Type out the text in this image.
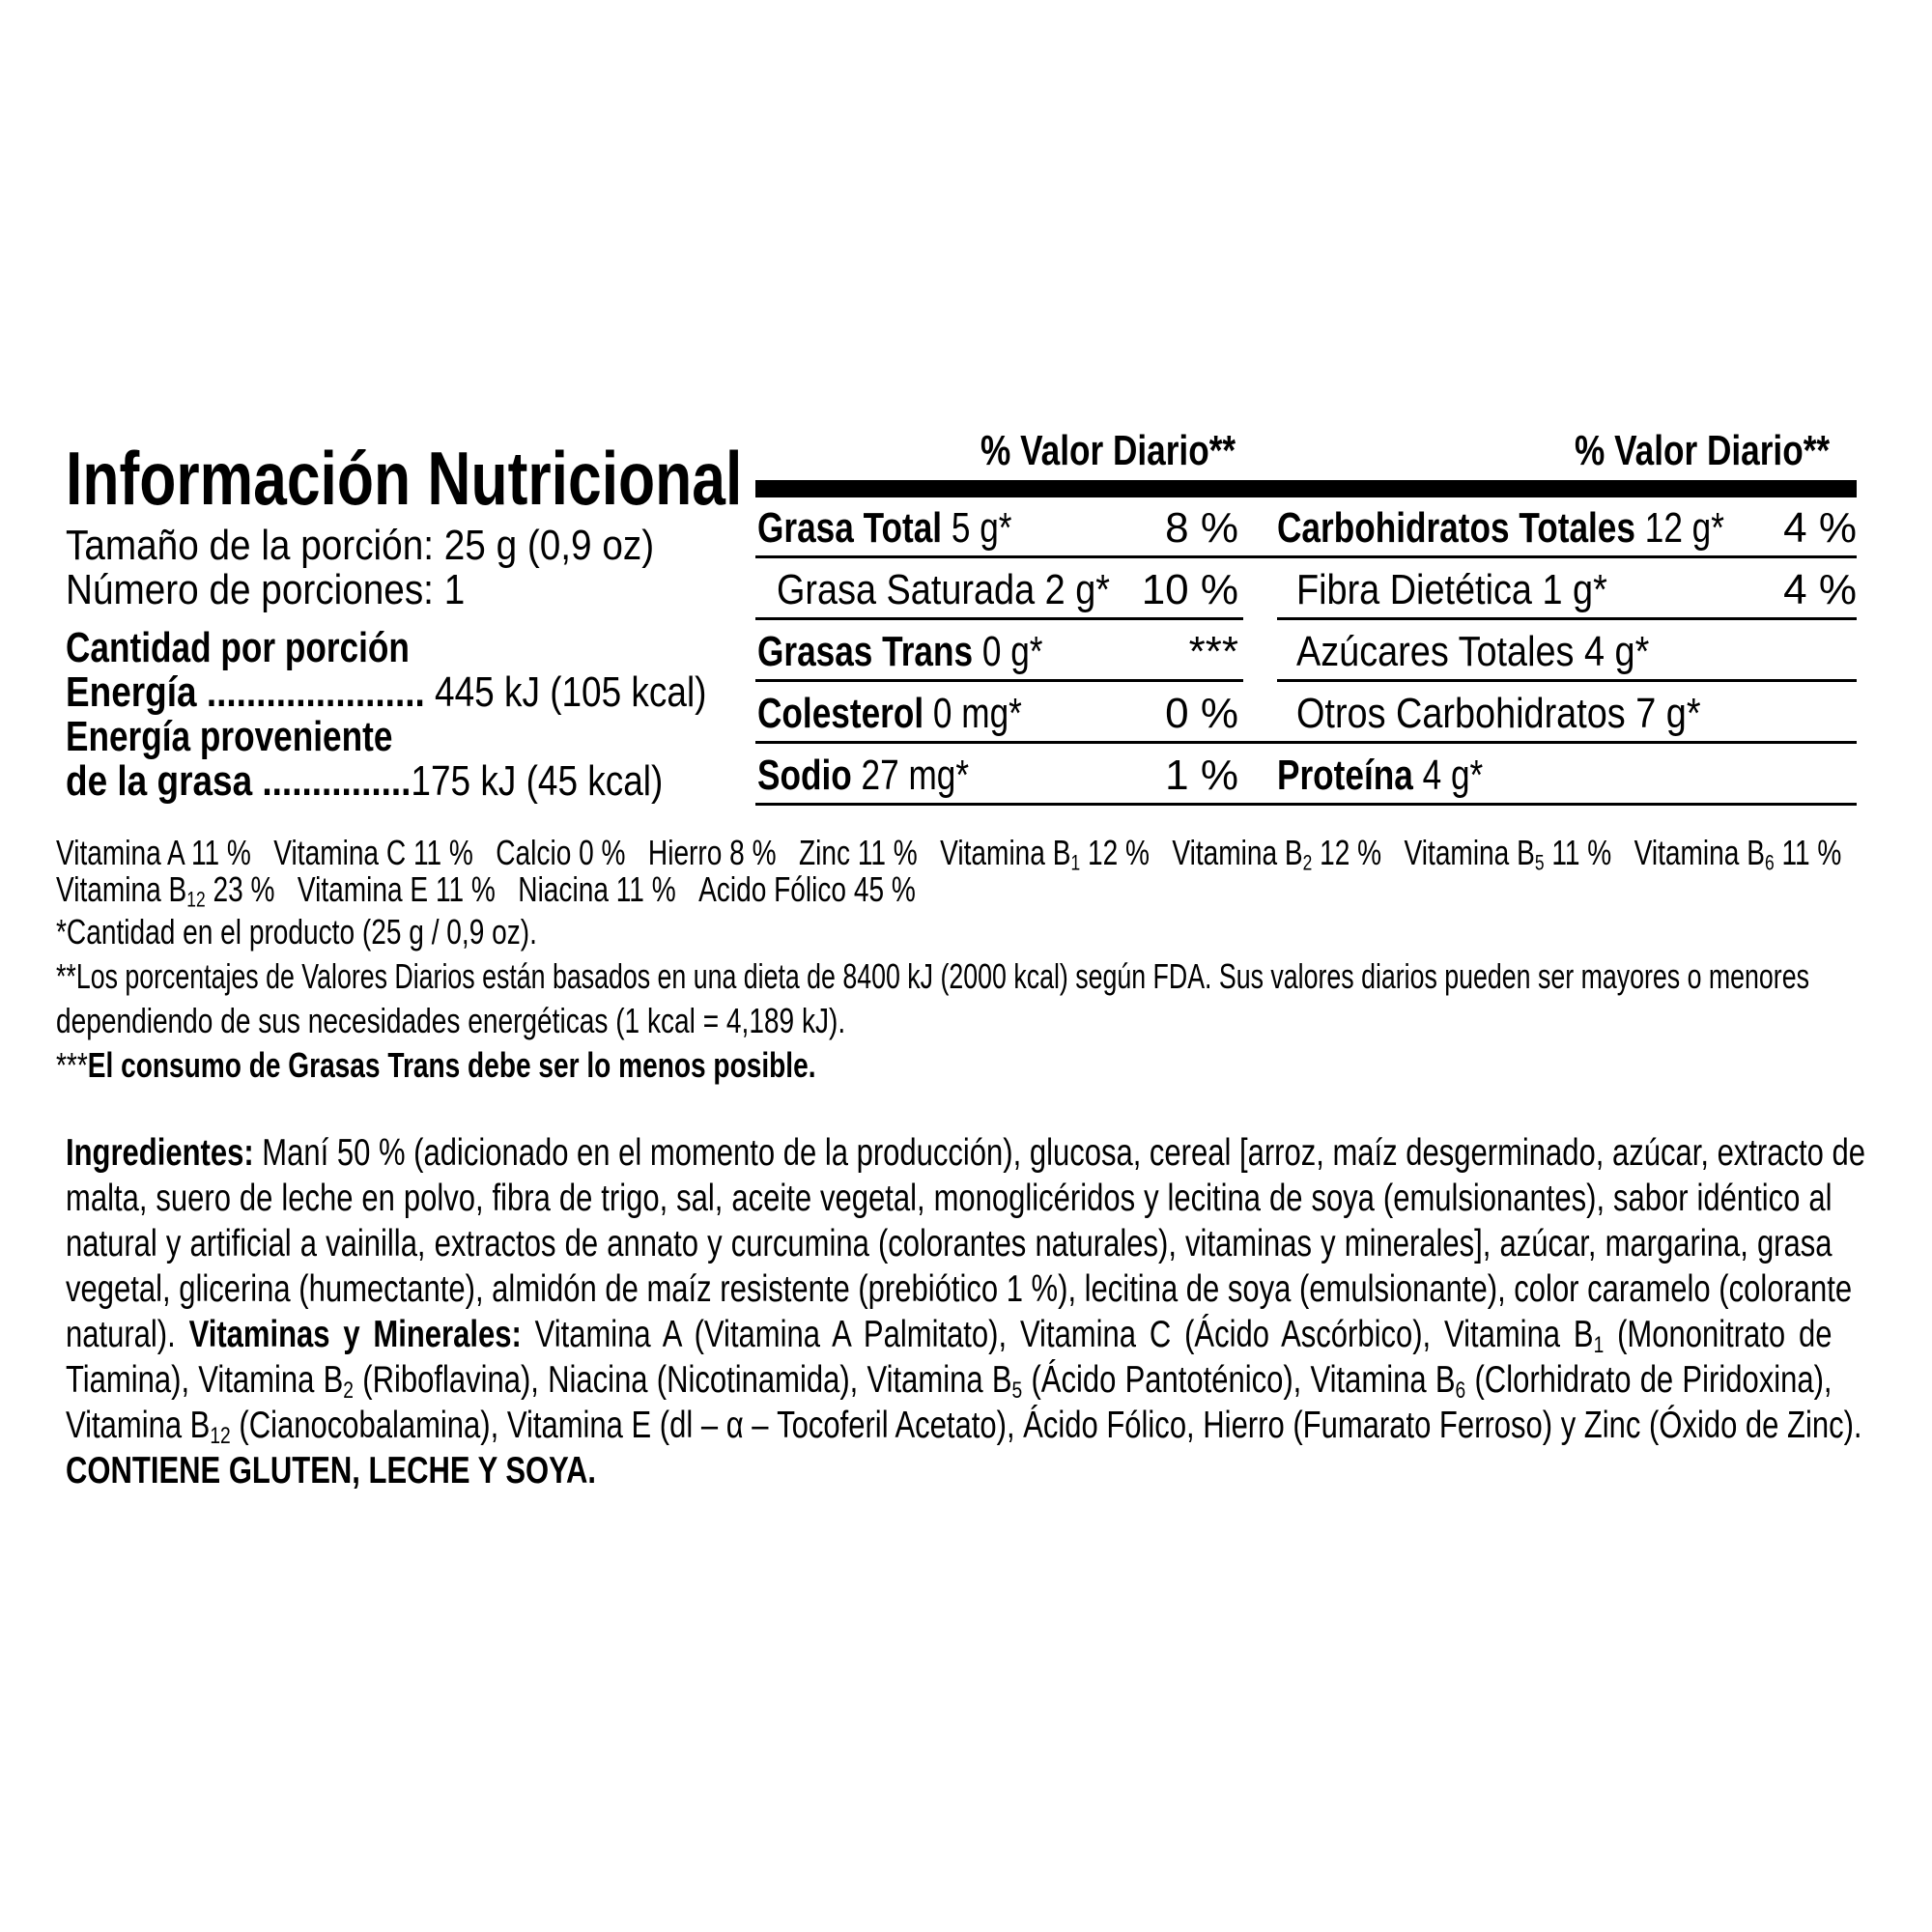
Información Nutricional
Tamaño de la porción: 25 g (0,9 oz)
Número de porciones: 1
Cantidad por porción
Energía ...................... 445 kJ (105 kcal)
Energía proveniente
de la grasa ...............175 kJ (45 kcal)
% Valor Diario**	% Valor Diario**
Grasa Total 5 g*	8 %
Grasa Saturada 2 g* 10 %
Grasas Trans 0 g*	***
Colesterol 0 mg*	0 %
Sodio 27 mg*	1 %
Carbohidratos Totales 12 g* 4 %
Fibra Dietética 1 g*	4 %
Azúcares Totales 4 g*
Otros Carbohidratos 7 g*
Proteína 4 g*
Vitamina A 11 % Vitamina C 11 % Calcio 0 % Hierro 8 % Zinc 11 % Vitamina $B_1$ 12 % Vitamina $B_2$ 12 % Vitamina $B_5$ 11 % Vitamina $B_6$ 11 %
Vitamina $B_{12}$ 23 % Vitamina E 11 % Niacina 11 % Acido Fólico 45 %
*Cantidad en el producto (25 g / 0,9 oz).
**Los porcentajes de Valores Diarios están basados en una dieta de 8400 kJ (2000 kcal) según FDA. Sus valores diarios pueden ser mayores o menores
dependiendo de sus necesidades energéticas (1 kcal = 4,189 kJ).
***El consumo de Grasas Trans debe ser lo menos posible.
Ingredientes: Maní 50 % (adicionado en el momento de la producción), glucosa, cereal [arroz, maíz desgerminado, azúcar, extracto de
malta, suero de leche en polvo, fibra de trigo, sal, aceite vegetal, monoglicéridos y lecitina de soya (emulsionantes), sabor idéntico al
natural y artificial a vainilla, extractos de annato y curcumina (colorantes naturales), vitaminas y minerales], azúcar, margarina, grasa
vegetal, glicerina (humectante), almidón de maíz resistente (prebiótico 1 %), lecitina de soya (emulsionante), color caramelo (colorante
natural). Vitaminas y Minerales: Vitamina A (Vitamina A Palmitato), Vitamina C (Ácido Ascórbico), Vitamina $B_1$ (Mononitrato de
Tiamina), Vitamina $B_2$ (Riboflavina), Niacina (Nicotinamida), Vitamina $B_5$ (Ácido Pantoténico), Vitamina $B_6$ (Clorhidrato de Piridoxina),
Vitamina $B_{12}$ (Cianocobalamina), Vitamina E (dl – α – Tocoferil Acetato), Ácido Fólico, Hierro (Fumarato Ferroso) y Zinc (Óxido de Zinc).
CONTIENE GLUTEN, LECHE Y SOYA.
